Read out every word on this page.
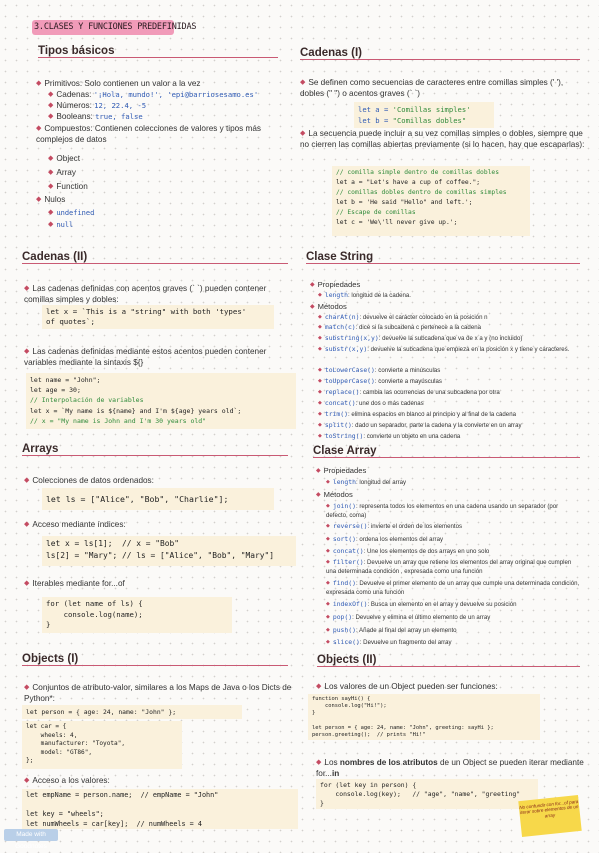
3.CLASES Y FUNCIONES PREDEFINIDAS
Tipos básicos
◆ Primitivos: Solo contienen un valor a la vez
◆ Cadenas: '¡Hola, mundo!', 'epi@barriosesamo.es'
◆ Números: 12, 22.4, -5
◆ Booleans: true, false
◆ Compuestos: Contienen colecciones de valores y tipos más complejos de datos
◆ Object
◆ Array
◆ Function
◆ Nulos
◆ undefined
◆ null
Cadenas (I)
◆ Se definen como secuencias de caracteres entre comillas simples (' '), dobles (" ") o acentos graves (` `)
let a = 'Comillas simples'
let b = "Comillas dobles"
◆ La secuencia puede incluir a su vez comillas simples o dobles, siempre que no cierren las comillas abiertas previamente (si lo hacen, hay que escaparlas):
// comilla simple dentro de comillas dobles
let a = "Let's have a cup of coffee.";
// comillas dobles dentro de comillas simples
let b = 'He said "Hello" and left.';
// Escape de comillas
let c = 'We\'ll never give up.';
Cadenas (II)
◆ Las cadenas definidas con acentos graves (` `) pueden contener comillas simples y dobles:
let x = `This is a "string" with both 'types'
of quotes`;
◆ Las cadenas definidas mediante estos acentos pueden contener variables mediante la sintaxis ${}
let name = "John";
let age = 30;
// Interpolación de variables
let x = `My name is ${name} and I'm ${age} years old`;
// x = "My name is John and I'm 30 years old"
Clase String
◆ Propiedades
◆ length: longitud de la cadena.
◆ Métodos
◆ charAt(n): devuelve el carácter colocado en la posición n
◆ match(c): dice si la subcadena c pertenece a la cadena
◆ substring(x,y): devuelve la subcadena que va de x a y (no incluido)
◆ substr(x,y): devuelve la subcadena que empieza en la posición x y tiene y caracteres.
◆ toLowerCase(): convierte a minúsculas
◆ toUpperCase(): convierte a mayúsculas
◆ replace(): cambia las ocurrencias de una subcadena por otra
◆ concat(): une dos o más cadenas
◆ trim(): elimina espacios en blanco al principio y al final de la cadena
◆ split(): dado un separador, parte la cadena y la convierte en un array
◆ toString(): convierte un objeto en una cadena
Arrays
◆ Colecciones de datos ordenados:
let ls = ["Alice", "Bob", "Charlie"];
◆ Acceso mediante índices:
let x = ls[1];  // x = "Bob"
ls[2] = "Mary"; // ls = ["Alice", "Bob", "Mary"]
◆ Iterables mediante for...of
for (let name of ls) {
console.log(name);
}
Clase Array
◆ Propiedades
◆ length: longitud del array
◆ Métodos
◆ join(): representa todos los elementos en una cadena usando un separador (por defecto, coma)
◆ reverse(): invierte el orden de los elementos
◆ sort(): ordena los elementos del array
◆ concat(): Une los elementos de dos arrays en uno solo
◆ filter(): Devuelve un array que retiene los elementos del array original que cumplen una determinada condición , expresada como una función
◆ find(): Devuelve el primer elemento de un array que cumple una determinada condición, expresada como una función
◆ indexOf(): Busca un elemento en el array y devuelve su posición
◆ pop(): Devuelve y elimina el último elemento de un array
◆ push(): Añade al final del array un elemento
◆ slice(): Devuelve un fragmento del array
Objects (I)
◆ Conjuntos de atributo-valor, similares a los Maps de Java o los Dicts de Python*:
let person = { age: 24, name: "John" };
let car = {
wheels: 4,
manufacturer: "Toyota",
model: "GT86",
};
◆ Acceso a los valores:
let empName = person.name;  // empName = "John"
let key = "wheels";
let numWheels = car[key];  // numWheels = 4
Objects (II)
◆ Los valores de un Object pueden ser funciones:
function sayHi() {
console.log("Hi!");
}
let person = { age: 24, name: "John", greeting: sayHi };
person.greeting();  // prints "Hi!"
◆ Los nombres de los atributos de un Object se pueden iterar mediante for...in
for (let key in person) {
console.log(key);   // "age", "name", "greeting"
}	No confundir con for...of para iterar sobre elementos de un array
Made with Goodnotes
